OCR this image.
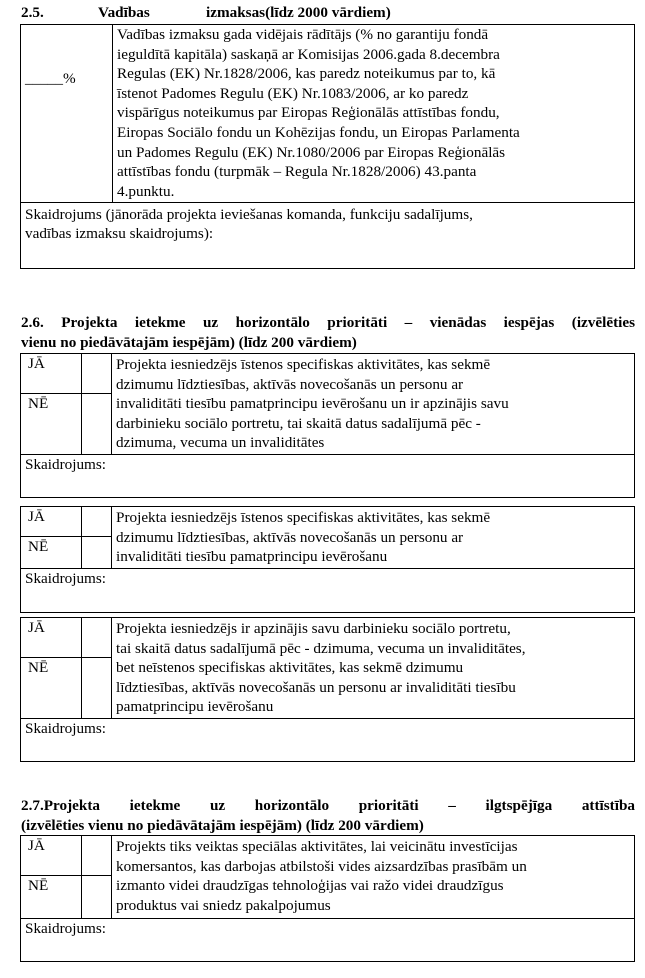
2.5.	Vadības	izmaksas(līdz 2000 vārdiem)
_____%	
Vadības izmaksu gada vidējais rādītājs (% no garantiju fondā
ieguldītā kapitāla) saskaņā ar Komisijas 2006.gada 8.decembra
Regulas (EK) Nr.1828/2006, kas paredz noteikumus par to, kā
īstenot Padomes Regulu (EK) Nr.1083/2006, ar ko paredz
vispārīgus noteikumus par Eiropas Reģionālās attīstības fondu,
Eiropas Sociālo fondu un Kohēzijas fondu, un Eiropas Parlamenta
un Padomes Regulu (EK) Nr.1080/2006 par Eiropas Reģionālās
attīstības fondu (turpmāk – Regula Nr.1828/2006) 43.panta
4.punktu.

Skaidrojums (jānorāda projekta ieviešanas komanda, funkciju sadalījums,
vadības izmaksu skaidrojums):
2.6. Projekta ietekme uz horizontālo prioritāti – vienādas iespējas (izvēlēties
vienu no piedāvātajām iespējām) (līdz 200 vārdiem)
JĀ		Projekta iesniedzējs īstenos specifiskas aktivitātes, kas sekmē
dzimumu līdztiesības, aktīvās novecošanās un personu ar
invaliditāti tiesību pamatprincipu ievērošanu un ir apzinājis savu
darbinieku sociālo portretu, tai skaitā datus sadalījumā pēc -
dzimuma, vecuma un invaliditātes

NĒ		
Skaidrojums:		
JĀ		Projekta iesniedzējs īstenos specifiskas aktivitātes, kas sekmē
dzimumu līdztiesības, aktīvās novecošanās un personu ar
invaliditāti tiesību pamatprincipu ievērošanu

NĒ		
Skaidrojums:		
JĀ		Projekta iesniedzējs ir apzinājis savu darbinieku sociālo portretu,
tai skaitā datus sadalījumā pēc - dzimuma, vecuma un invaliditātes,
bet neīstenos specifiskas aktivitātes, kas sekmē dzimumu
līdztiesības, aktīvās novecošanās un personu ar invaliditāti tiesību
pamatprincipu ievērošanu

NĒ		
Skaidrojums:		
2.7.Projekta ietekme uz horizontālo prioritāti – ilgtspējīga attīstība
(izvēlēties vienu no piedāvātajām iespējām) (līdz 200 vārdiem)
JĀ		Projekts tiks veiktas speciālas aktivitātes, lai veicinātu investīcijas
komersantos, kas darbojas atbilstoši vides aizsardzības prasībām un
izmanto videi draudzīgas tehnoloģijas vai ražo videi draudzīgus
produktus vai sniedz pakalpojumus

NĒ		
Skaidrojums:		
